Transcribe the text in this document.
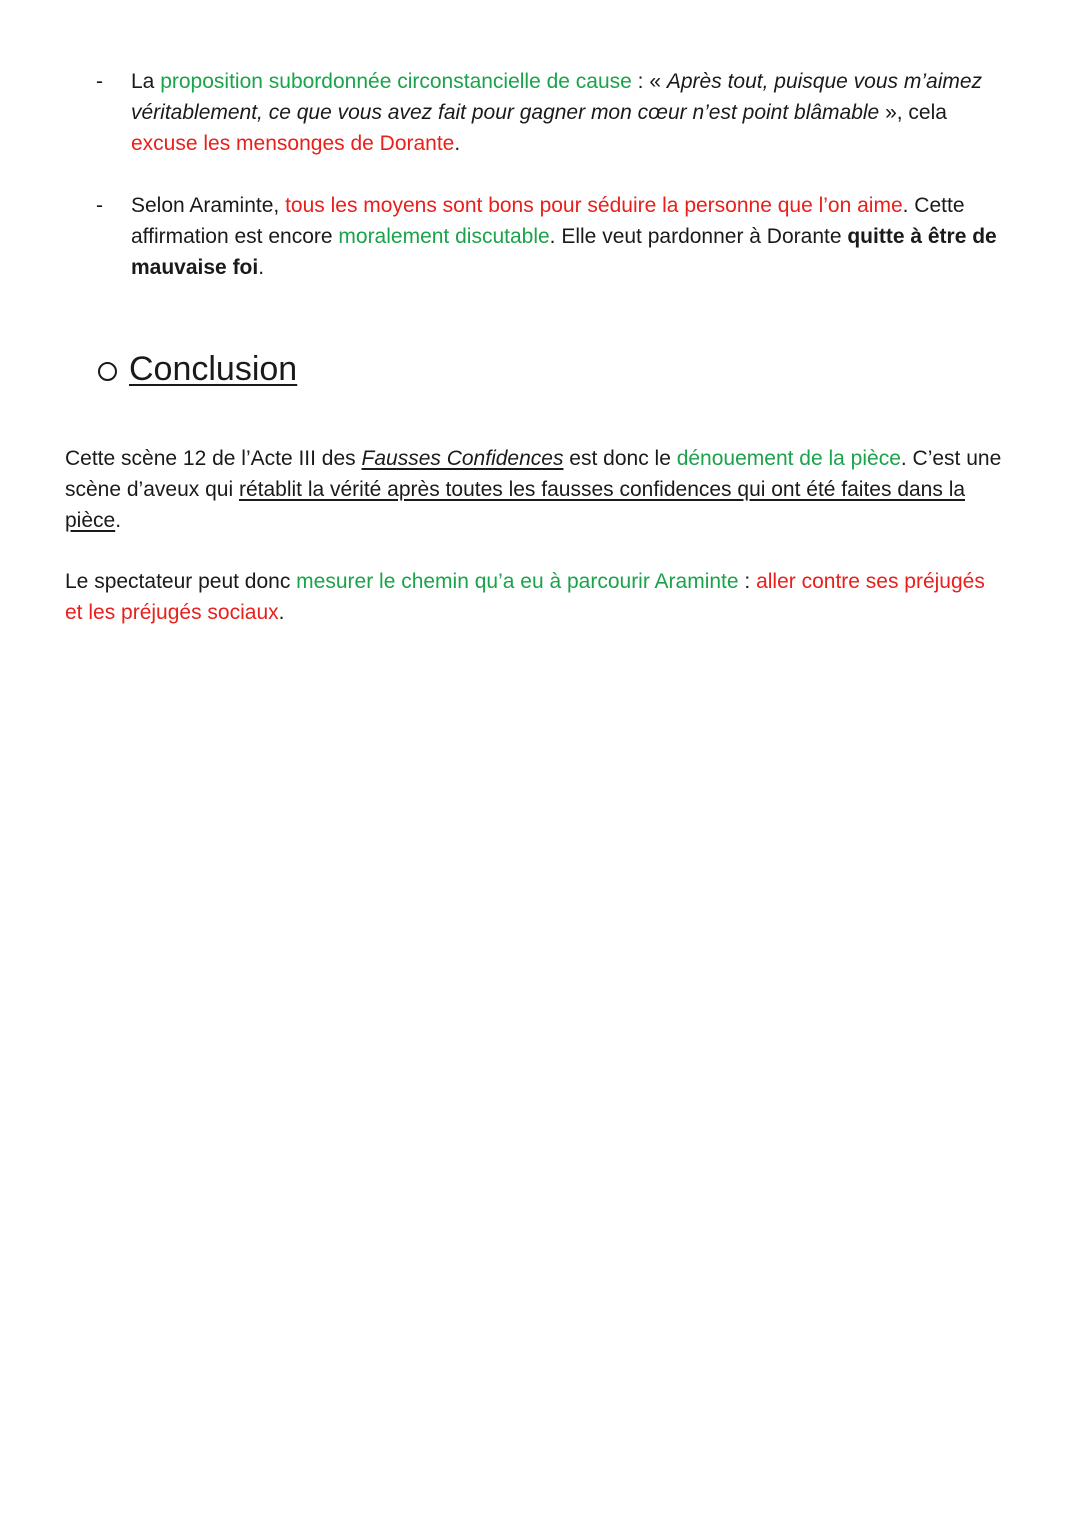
- La proposition subordonnée circonstancielle de cause : « Après tout, puisque vous m’aimez véritablement, ce que vous avez fait pour gagner mon cœur n’est point blâmable », cela excuse les mensonges de Dorante.
- Selon Araminte, tous les moyens sont bons pour séduire la personne que l’on aime. Cette affirmation est encore moralement discutable. Elle veut pardonner à Dorante quitte à être de mauvaise foi.
Conclusion
Cette scène 12 de l’Acte III des Fausses Confidences est donc le dénouement de la pièce. C’est une scène d’aveux qui rétablit la vérité après toutes les fausses confidences qui ont été faites dans la pièce.
Le spectateur peut donc mesurer le chemin qu’a eu à parcourir Araminte : aller contre ses préjugés et les préjugés sociaux.
